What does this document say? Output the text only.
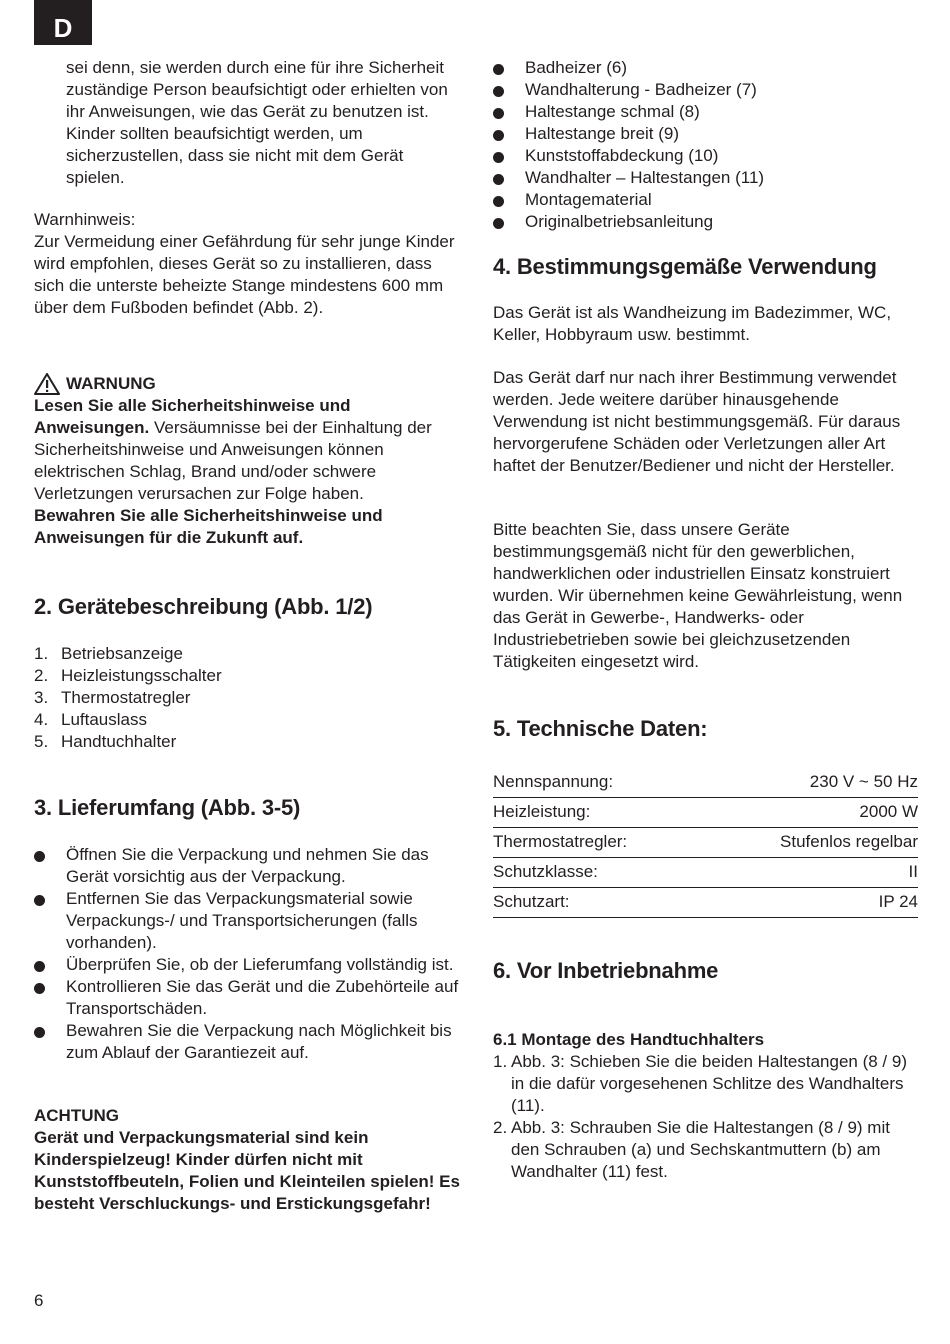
D

sei denn, sie werden durch eine für ihre Sicherheit zuständige Person beaufsichtigt oder erhielten von ihr Anweisungen, wie das Gerät zu benutzen ist. Kinder sollten beaufsichtigt werden, um sicherzustellen, dass sie nicht mit dem Gerät spielen.

Warnhinweis:

Zur Vermeidung einer Gefährdung für sehr junge Kinder wird empfohlen, dieses Gerät so zu installieren, dass sich die unterste beheizte Stange mindestens 600 mm über dem Fußboden befindet (Abb. 2).

WARNUNG

Lesen Sie alle Sicherheitshinweise und Anweisungen. Versäumnisse bei der Einhaltung der Sicherheitshinweise und Anweisungen können elektrischen Schlag, Brand und/oder schwere Verletzungen verursachen zur Folge haben.

Bewahren Sie alle Sicherheitshinweise und Anweisungen für die Zukunft auf.

2. Gerätebeschreibung (Abb. 1/2)
1. Betriebsanzeige
2. Heizleistungsschalter
3. Thermostatregler
4. Luftauslass
5. Handtuchhalter
3. Lieferumfang (Abb. 3-5)
Öffnen Sie die Verpackung und nehmen Sie das Gerät vorsichtig aus der Verpackung.
Entfernen Sie das Verpackungsmaterial sowie Verpackungs-/ und Transportsicherungen (falls vorhanden).
Überprüfen Sie, ob der Lieferumfang vollständig ist.
Kontrollieren Sie das Gerät und die Zubehörteile auf Transportschäden.
Bewahren Sie die Verpackung nach Möglichkeit bis zum Ablauf der Garantiezeit auf.

ACHTUNG

Gerät und Verpackungsmaterial sind kein Kinderspielzeug! Kinder dürfen nicht mit Kunststoffbeuteln, Folien und Kleinteilen spielen! Es besteht Verschluckungs- und Erstickungsgefahr!

Badheizer (6)
Wandhalterung - Badheizer (7)
Haltestange schmal (8)
Haltestange breit (9)
Kunststoffabdeckung (10)
Wandhalter – Haltestangen (11)
Montagematerial
Originalbetriebsanleitung
4. Bestimmungsgemäße Verwendung

Das Gerät ist als Wandheizung im Badezimmer, WC, Keller, Hobbyraum usw. bestimmt.

Das Gerät darf nur nach ihrer Bestimmung verwendet werden. Jede weitere darüber hinausgehende Verwendung ist nicht bestimmungsgemäß. Für daraus hervorgerufene Schäden oder Verletzungen aller Art haftet der Benutzer/Bediener und nicht der Hersteller.

Bitte beachten Sie, dass unsere Geräte bestimmungsgemäß nicht für den gewerblichen, handwerklichen oder industriellen Einsatz konstruiert wurden. Wir übernehmen keine Gewährleistung, wenn das Gerät in Gewerbe-, Handwerks- oder Industriebetrieben sowie bei gleichzusetzenden Tätigkeiten eingesetzt wird.

5. Technische Daten:
Nennspannung:	230 V ~ 50 Hz
Heizleistung:	2000 W
Thermostatregler:	Stufenlos regelbar
Schutzklasse:	II
Schutzart:	IP 24
6. Vor Inbetriebnahme

6.1 Montage des Handtuchhalters

1. Abb. 3: Schieben Sie die beiden Haltestangen (8 / 9) in die dafür vorgesehenen Schlitze des Wandhalters (11).
2. Abb. 3: Schrauben Sie die Haltestangen (8 / 9) mit den Schrauben (a) und Sechskantmuttern (b) am Wandhalter (11) fest.
6
